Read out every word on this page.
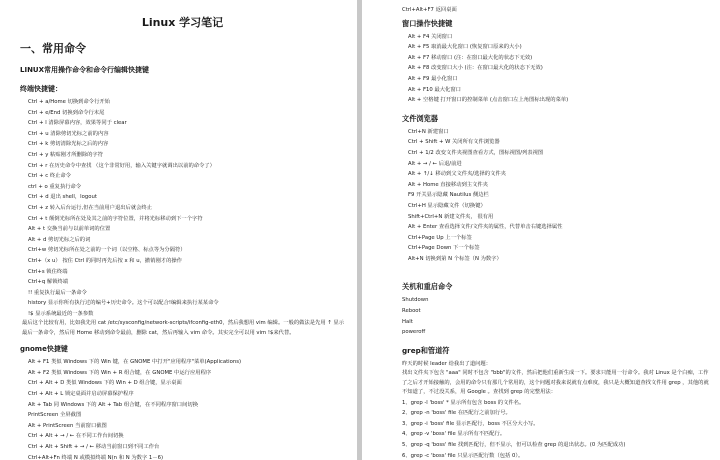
Linux 学习笔记
一、常用命令
LINUX常用操作命令和命令行编辑快捷键
终端快捷键：
Ctrl + a/Home 切换到命令行开始
Ctrl + e/End 切换到命令行末尾
Ctrl + l 清除屏幕内容，效果等同于 clear
Ctrl + u 清除剪切光标之前的内容
Ctrl + k 剪切清除光标之后的内容
Ctrl + y 粘贴刚才所删除的字符
Ctrl + r 在历史命令中查找 （这个非常好用，输入关键字就调出以前的命令了）
Ctrl + c 终止命令
ctrl + o 重复执行命令
Ctrl + d 退出 shell，logout
Ctrl + z 转入后台运行,但在当前用户退出后就会终止
Ctrl + t 颠倒光标所在处及其之前的字符位置，并将光标移动到下一个字符
Alt + t 交换当前与以前单词的位置
Alt + d 剪切光标之后的词
Ctrl+w 剪切光标所在处之前的一个词（以空格、标点等为分隔符）
Ctrl+（x u） 按住 Ctrl 的同时再先后按 x 和 u，撤销刚才的操作
Ctrl+s 锁住终端
Ctrl+q 解锁终端
!! 重复执行最后一条命令
history 显示你所有执行过的编号+历史命令。这个可以配合!编辑来执行某某命令
!$ 显示系统最近的一条参数
最后这个比较有用，比如我先用 cat /etc/sysconfig/network-scripts/ifconfig-eth0，然后我想用 vim 编辑。一般的做法是先用 ↑ 显示最后一条命令，然后用 Home 移动到命令最前，删除 cat，然后再输入 vim 命令。其实完全可以用 vim !$来代替。
gnome快捷键
Alt + F1 类似 Windows 下的 Win 键，在 GNOME 中打开"应用程序"菜单(Applications)
Alt + F2 类似 Windows 下的 Win + R 组合键，在 GNOME 中运行应用程序
Ctrl + Alt + D 类似 Windows 下的 Win + D 组合键，显示桌面
Ctrl + Alt + L 锁定桌面并启动屏幕保护程序
Alt + Tab 同 Windows 下的 Alt + Tab 组合键，在不同程序窗口间切换
PrintScreen 全屏截图
Alt + PrintScreen 当前窗口截图
Ctrl + Alt + → / ← 在不同工作台间切换
Ctrl + Alt + Shift + → / ← 移动当前窗口到不同工作台
Ctrl+Alt+Fn 终端 N 或模拟终端 N(n 和 N 为数字 1－6)
Ctrl+Alt+F7 返回桌面
窗口操作快捷键
Alt + F4 关闭窗口
Alt + F5 取消最大化窗口 (恢复窗口原来的大小)
Alt + F7 移动窗口 (注：在窗口最大化的状态下无效)
Alt + F8 改变窗口大小 (注：在窗口最大化的状态下无效)
Alt + F9 最小化窗口
Alt + F10 最大化窗口
Alt + 空格键 打开窗口的控制菜单 (点击窗口左上角图标出现的菜单)
文件浏览器
Ctrl+N 新建窗口
Ctrl + Shift + W 关闭所有文件浏览器
Ctrl + 1/2 改变文件夹视图查看方式，图标视图/列表视图
Alt + → / ← 后退/前进
Alt + ↑/↓ 移动到父文件夹/选择的文件夹
Alt + Home 直接移动到主文件夹
F9 开关显示隐藏 Nautilus 侧边栏
Ctrl+H 显示隐藏文件（切换键）
Shift+Ctrl+N 新建文件夹， 很有用
Alt + Enter 查看选择文件/文件夹的属性，代替单击右键选择属性
Ctrl+Page Up 上一个标签
Ctrl+Page Down 下一个标签
Alt+N 切换到第 N 个标签（N 为数字）
关机和重启命令
Shutdown
Reboot
Halt
poweroff
grep和管道符
昨天的时候 leader 给我出了道问题：
找出文件夹下包含 "aaa" 同时不包含 "bbb"的文件，然后把他们重新生成一下。要求只能用一行命令。我对 Linux 是个白痴，工作了之后才开始接触的，会用的命令只有那几个常用的，这个问题对我来说就有点难度，我只是大概知道查找文件用 grep ，其他的就不知道了，不过没关系，用 Google 。查找到 grep 的完整用法：
1、grep -l 'boss' * 显示所有包含 boss 的文件名。
2、grep -n 'boss' file 在匹配行之前加行号。
3、grep -i 'boss' file 显示匹配行，boss 不区分大小写。
4、grep -v 'boss' file 显示所有不匹配行。
5、grep -q 'boss' file 找到匹配行，但不显示，但可以检查 grep 的退出状态。(0 为匹配成功)
6、grep -c 'boss' file 只显示匹配行数（包括 0）。
